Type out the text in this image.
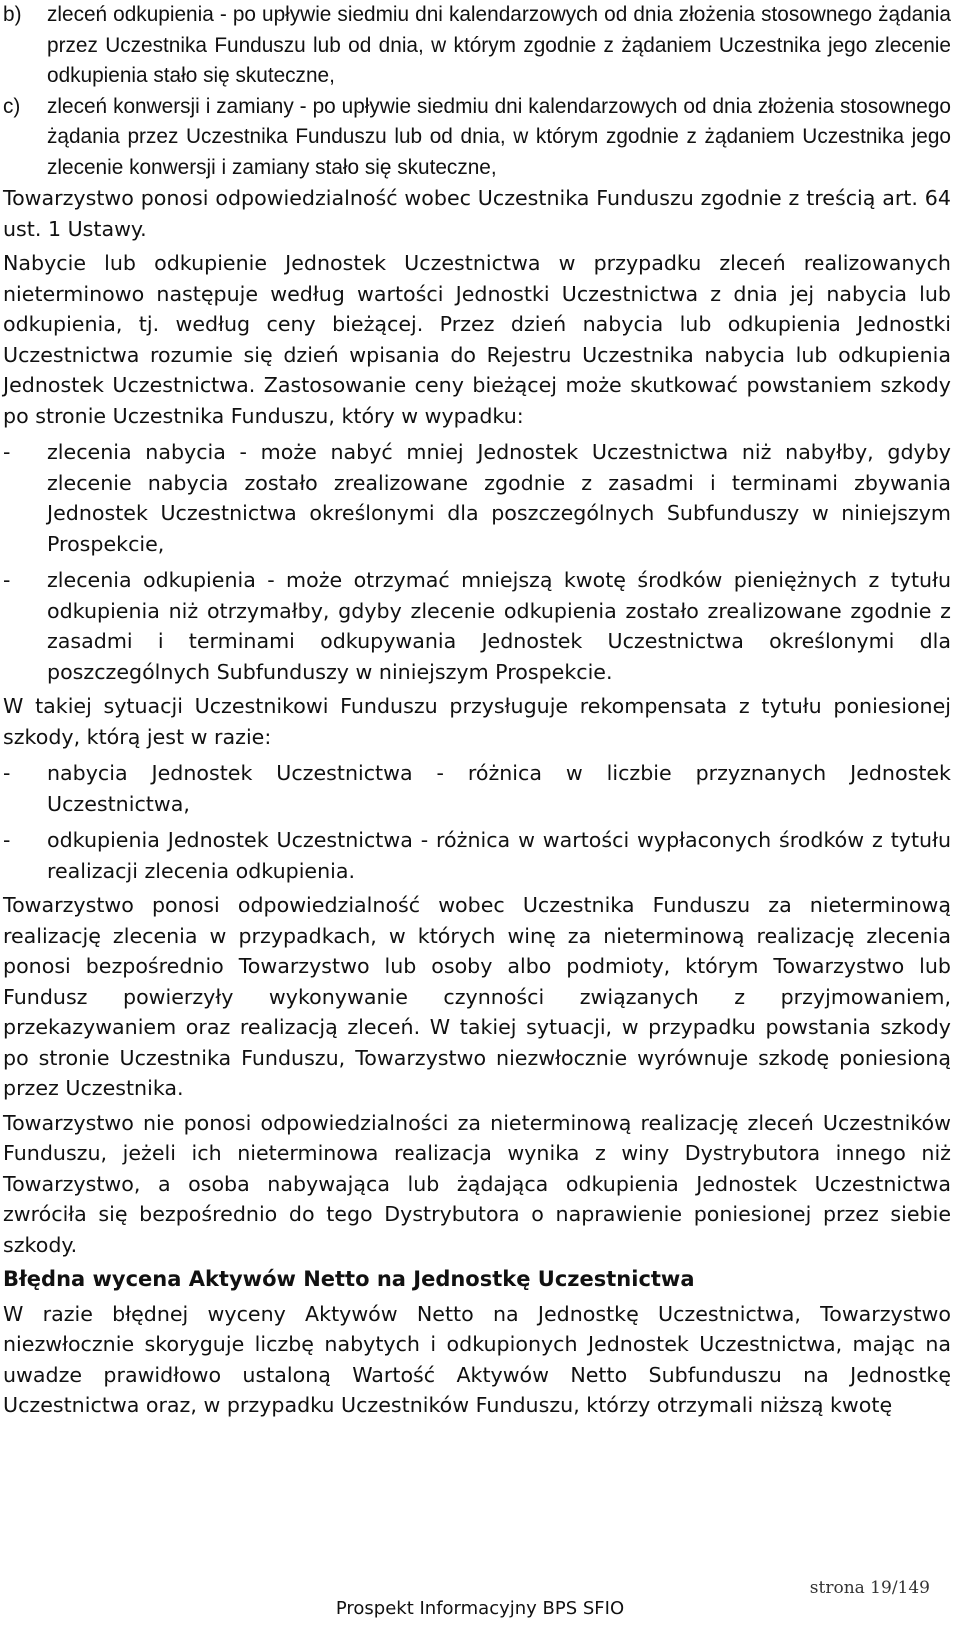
b)	zleceń odkupienia - po upływie siedmiu dni kalendarzowych od dnia złożenia stosownego żądania przez Uczestnika Funduszu lub od dnia, w którym zgodnie z żądaniem Uczestnika jego zlecenie odkupienia stało się skuteczne,
c)	zleceń konwersji i zamiany - po upływie siedmiu dni kalendarzowych od dnia złożenia stosownego żądania przez Uczestnika Funduszu lub od dnia, w którym zgodnie z żądaniem Uczestnika jego zlecenie konwersji i zamiany stało się skuteczne,

Towarzystwo ponosi odpowiedzialność wobec Uczestnika Funduszu zgodnie z treścią art. 64 ust. 1 Ustawy.

Nabycie lub odkupienie Jednostek Uczestnictwa w przypadku zleceń realizowanych nieterminowo następuje według wartości Jednostki Uczestnictwa z dnia jej nabycia lub odkupienia, tj. według ceny bieżącej. Przez dzień nabycia lub odkupienia Jednostki Uczestnictwa rozumie się dzień wpisania do Rejestru Uczestnika nabycia lub odkupienia Jednostek Uczestnictwa. Zastosowanie ceny bieżącej może skutkować powstaniem szkody po stronie Uczestnika Funduszu, który w wypadku:

-	zlecenia nabycia - może nabyć mniej Jednostek Uczestnictwa niż nabyłby, gdyby zlecenie nabycia zostało zrealizowane zgodnie z zasadmi i terminami zbywania Jednostek Uczestnictwa określonymi dla poszczególnych Subfunduszy w niniejszym Prospekcie,
-	zlecenia odkupienia - może otrzymać mniejszą kwotę środków pieniężnych z tytułu odkupienia niż otrzymałby, gdyby zlecenie odkupienia zostało zrealizowane zgodnie z zasadmi i terminami odkupywania Jednostek Uczestnictwa określonymi dla poszczególnych Subfunduszy w niniejszym Prospekcie.

W takiej sytuacji Uczestnikowi Funduszu przysługuje rekompensata z tytułu poniesionej szkody, którą jest w razie:

-	nabycia Jednostek Uczestnictwa - różnica w liczbie przyznanych Jednostek Uczestnictwa,
-	odkupienia Jednostek Uczestnictwa - różnica w wartości wypłaconych środków z tytułu realizacji zlecenia odkupienia.

Towarzystwo ponosi odpowiedzialność wobec Uczestnika Funduszu za nieterminową realizację zlecenia w przypadkach, w których winę za nieterminową realizację zlecenia ponosi bezpośrednio Towarzystwo lub osoby albo podmioty, którym Towarzystwo lub Fundusz powierzyły wykonywanie czynności związanych z przyjmowaniem, przekazywaniem oraz realizacją zleceń. W takiej sytuacji, w przypadku powstania szkody po stronie Uczestnika Funduszu, Towarzystwo niezwłocznie wyrównuje szkodę poniesioną przez Uczestnika.

Towarzystwo nie ponosi odpowiedzialności za nieterminową realizację zleceń Uczestników Funduszu, jeżeli ich nieterminowa realizacja wynika z winy Dystrybutora innego niż Towarzystwo, a osoba nabywająca lub żądająca odkupienia Jednostek Uczestnictwa zwróciła się bezpośrednio do tego Dystrybutora o naprawienie poniesionej przez siebie szkody.

Błędna wycena Aktywów Netto na Jednostkę Uczestnictwa

W razie błędnej wyceny Aktywów Netto na Jednostkę Uczestnictwa, Towarzystwo niezwłocznie skoryguje liczbę nabytych i odkupionych Jednostek Uczestnictwa, mając na uwadze prawidłowo ustaloną Wartość Aktywów Netto Subfunduszu na Jednostkę Uczestnictwa oraz, w przypadku Uczestników Funduszu, którzy otrzymali niższą kwotę

strona 19/149
Prospekt Informacyjny BPS SFIO
